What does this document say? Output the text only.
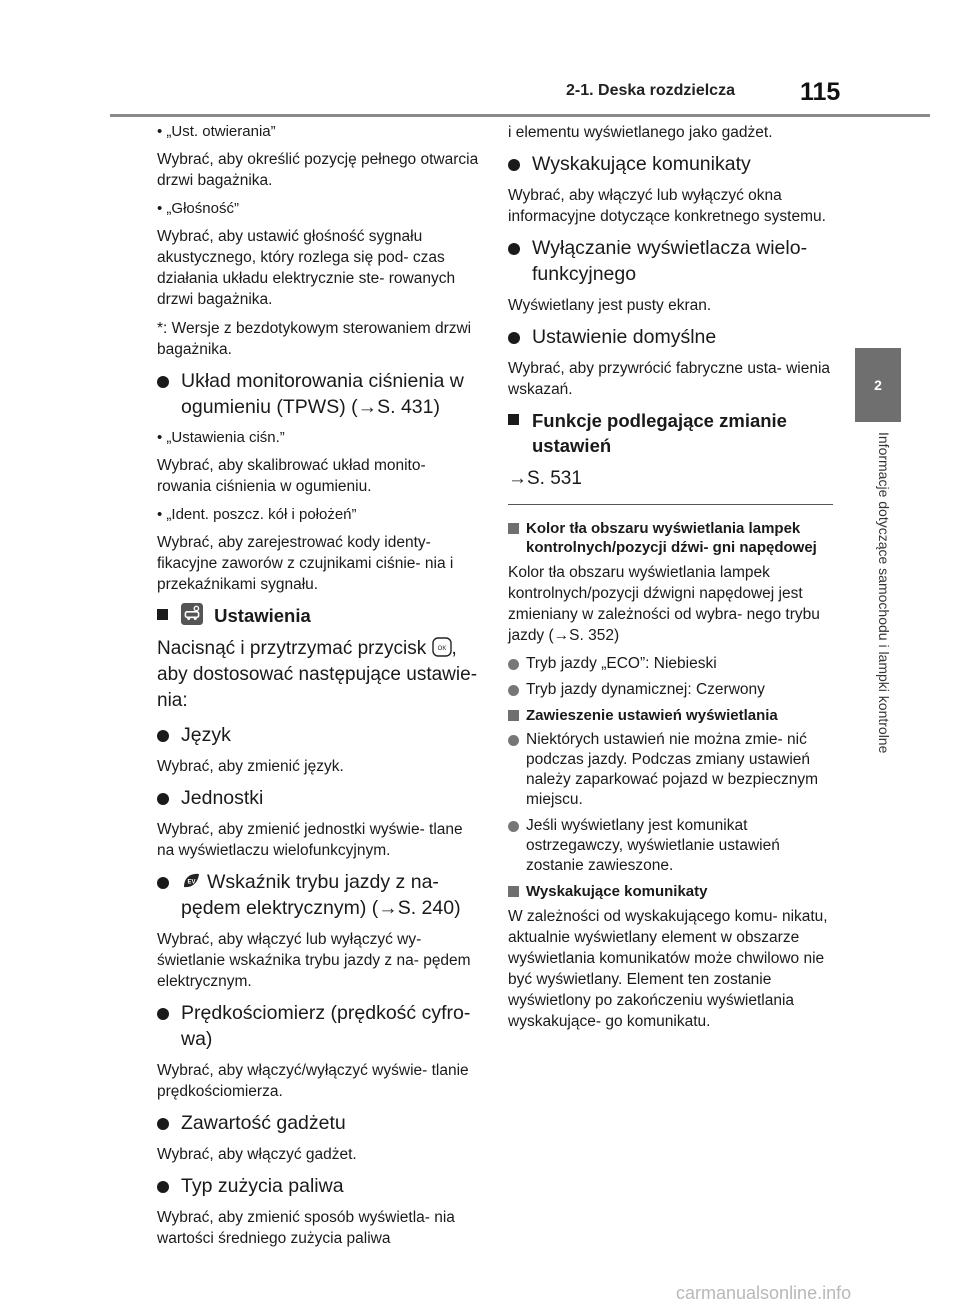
2-1. Deska rozdzielcza	115
2
Informacje dotyczące samochodu i lampki kontrolne

• „Ust. otwierania”

Wybrać, aby określić pozycję pełnego otwarcia drzwi bagażnika.

• „Głośność”

Wybrać, aby ustawić głośność sygnału akustycznego, który rozlega się pod- czas działania układu elektrycznie ste- rowanych drzwi bagażnika.

*: Wersje z bezdotykowym sterowaniem drzwi bagażnika.

Układ monitorowania ciśnienia w ogumieniu (TPWS) (→S. 431)

• „Ustawienia ciśn.”

Wybrać, aby skalibrować układ monito- rowania ciśnienia w ogumieniu.

• „Ident. poszcz. kół i położeń”

Wybrać, aby zarejestrować kody identy- fikacyjne zaworów z czujnikami ciśnie- nia i przekaźnikami sygnału.

Ustawienia

Nacisnąć i przytrzymać przycisk OK ,
aby dostosować następujące ustawie- nia:

Język

Wybrać, aby zmienić język.

Jednostki

Wybrać, aby zmienić jednostki wyświe- tlane na wyświetlaczu wielofunkcyjnym.

EV Wskaźnik trybu jazdy z na- pędem elektrycznym) (→S. 240)

Wybrać, aby włączyć lub wyłączyć wy- świetlanie wskaźnika trybu jazdy z na- pędem elektrycznym.

Prędkościomierz (prędkość cyfro- wa)

Wybrać, aby włączyć/wyłączyć wyświe- tlanie prędkościomierza.

Zawartość gadżetu

Wybrać, aby włączyć gadżet.

Typ zużycia paliwa

Wybrać, aby zmienić sposób wyświetla- nia wartości średniego zużycia paliwa

i elementu wyświetlanego jako gadżet.

Wyskakujące komunikaty

Wybrać, aby włączyć lub wyłączyć okna informacyjne dotyczące konkretnego systemu.

Wyłączanie wyświetlacza wielo- funkcyjnego

Wyświetlany jest pusty ekran.

Ustawienie domyślne

Wybrać, aby przywrócić fabryczne usta- wienia wskazań.

Funkcje podlegające zmianie ustawień

→S. 531

Kolor tła obszaru wyświetlania lampek kontrolnych/pozycji dźwi- gni napędowej

Kolor tła obszaru wyświetlania lampek kontrolnych/pozycji dźwigni napędowej jest zmieniany w zależności od wybra- nego trybu jazdy (→S. 352)

Tryb jazdy „ECO”: Niebieski
Tryb jazdy dynamicznej: Czerwony
Zawieszenie ustawień wyświetlania
Niektórych ustawień nie można zmie- nić podczas jazdy. Podczas zmiany ustawień należy zaparkować pojazd w bezpiecznym miejscu.
Jeśli wyświetlany jest komunikat ostrzegawczy, wyświetlanie ustawień zostanie zawieszone.
Wyskakujące komunikaty

W zależności od wyskakującego komu- nikatu, aktualnie wyświetlany element w obszarze wyświetlania komunikatów może chwilowo nie być wyświetlany. Element ten zostanie wyświetlony po zakończeniu wyświetlania wyskakujące- go komunikatu.

carmanualsonline.info
